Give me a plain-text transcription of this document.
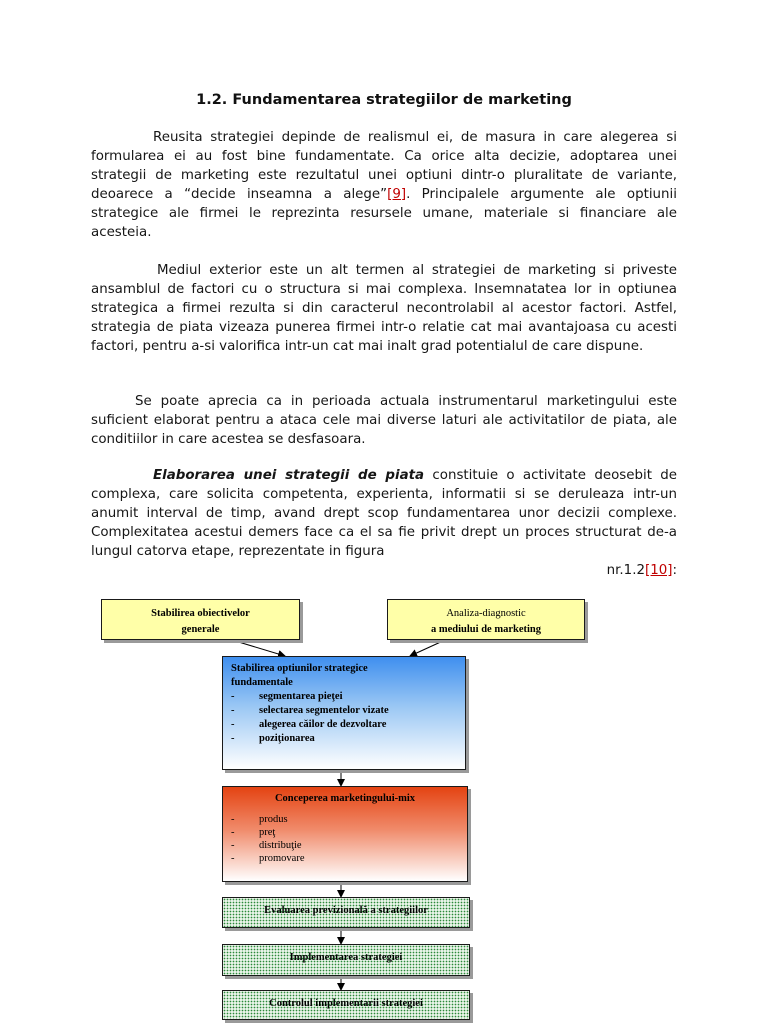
1.2. Fundamentarea strategiilor de marketing
Reusita strategiei depinde de realismul ei, de masura in care alegerea si formularea ei au fost bine fundamentate. Ca orice alta decizie, adoptarea unei strategii de marketing este rezultatul unei optiuni dintr-o pluralitate de variante, deoarece a “decide inseamna a alege”[9]. Principalele argumente ale optiunii strategice ale firmei le reprezinta resursele umane, materiale si financiare ale acesteia.
Mediul exterior este un alt termen al strategiei de marketing si priveste ansamblul de factori cu o structura si mai complexa. Insemnatatea lor in optiunea strategica a firmei rezulta si din caracterul necontrolabil al acestor factori. Astfel, strategia de piata vizeaza punerea firmei intr-o relatie cat mai avantajoasa cu acesti factori, pentru a-si valorifica intr-un cat mai inalt grad potentialul de care dispune.
Se poate aprecia ca in perioada actuala instrumentarul marketingului este suficient elaborat pentru a ataca cele mai diverse laturi ale activitatilor de piata, ale conditiilor in care acestea se desfasoara.
Elaborarea unei strategii de piata constituie o activitate deosebit de complexa, care solicita competenta, experienta, informatii si se deruleaza intr-un anumit interval de timp, avand drept scop fundamentarea unor decizii complexe. Complexitatea acestui demers face ca el sa fie privit drept un proces structurat de-a lungul catorva etape, reprezentate in figura
nr.1.2[10]:
Stabilirea obiectivelor
generale
Analiza-diagnostic
a mediului de marketing
Stabilirea optiunilor strategice
fundamentale
-	segmentarea pieţei
-	selectarea segmentelor vizate
-	alegerea căilor de dezvoltare
-	poziţionarea
Conceperea marketingului-mix
-	produs
-	preţ
-	distribuţie
-	promovare
Evaluarea previzională a strategiilor
Implementarea strategiei
Controlul implementarii strategiei
